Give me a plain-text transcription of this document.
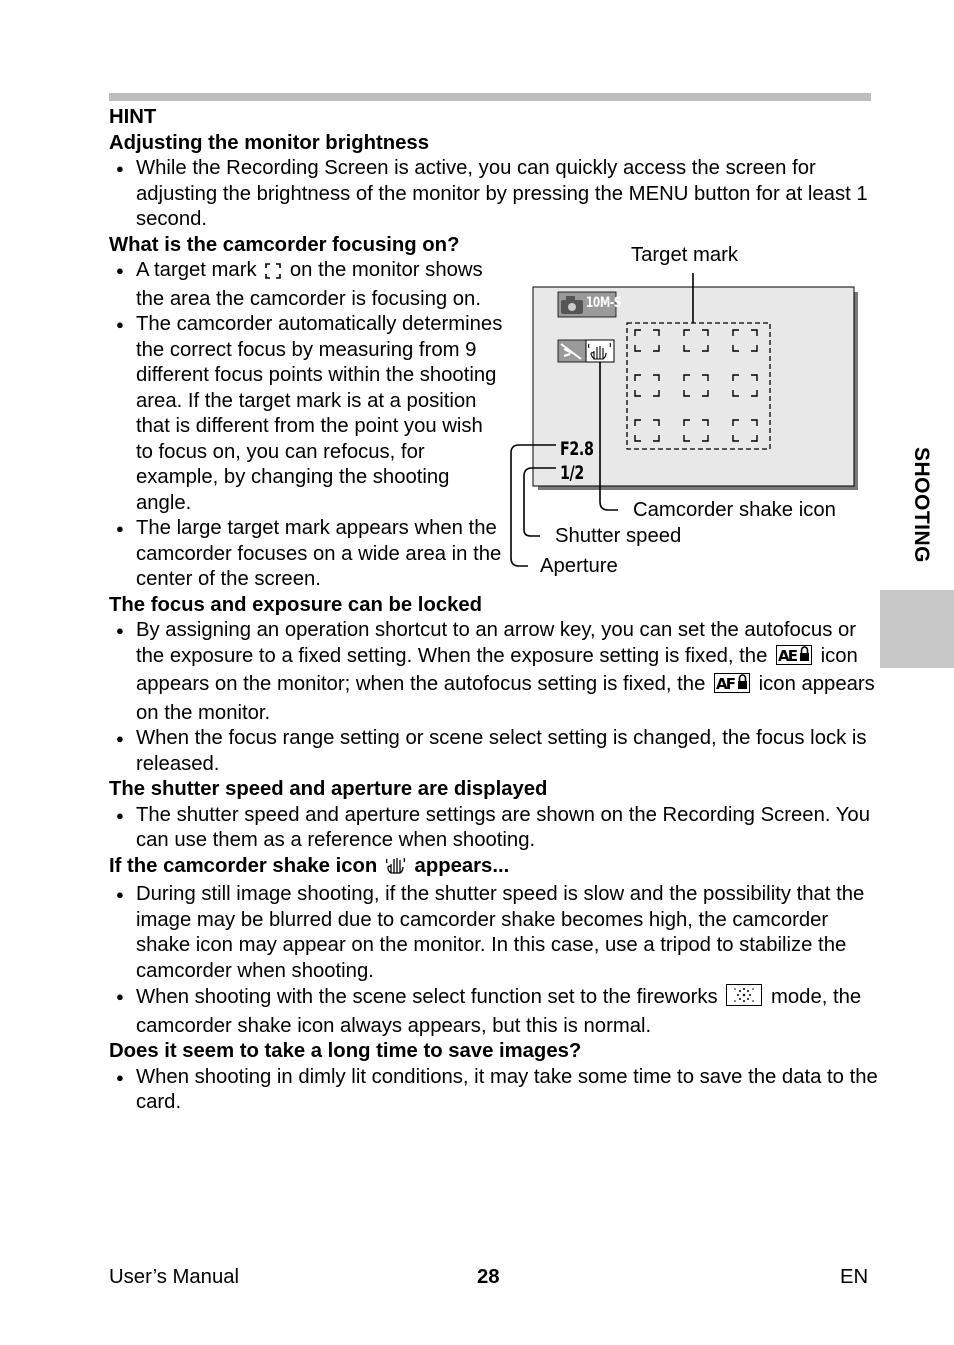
HINT

Adjusting the monitor brightness

● While the Recording Screen is active, you can quickly access the screen for adjusting the brightness of the monitor by pressing the MENU button for at least 1 second.

What is the camcorder focusing on?

● A target mark on the monitor shows the area the camcorder is focusing on.
● The camcorder automatically determines the correct focus by measuring from 9 different focus points within the shooting area. If the target mark is at a position that is different from the point you wish to focus on, you can refocus, for example, by changing the shooting angle.
● The large target mark appears when the camcorder focuses on a wide area in the center of the screen.

The focus and exposure can be locked

● By assigning an operation shortcut to an arrow key, you can set the autofocus or the exposure to a fixed setting. When the exposure setting is fixed, the AE icon appears on the monitor; when the autofocus setting is fixed, the AF icon appears on the monitor.
● When the focus range setting or scene select setting is changed, the focus lock is released.

The shutter speed and aperture are displayed

● The shutter speed and aperture settings are shown on the Recording Screen. You can use them as a reference when shooting.

If the camcorder shake icon appears...

● During still image shooting, if the shutter speed is slow and the possibility that the image may be blurred due to camcorder shake becomes high, the camcorder shake icon may appear on the monitor. In this case, use a tripod to stabilize the camcorder when shooting.
● When shooting with the scene select function set to the fireworks	mode, the camcorder shake icon always appears, but this is normal.

Does it seem to take a long time to save images?

● When shooting in dimly lit conditions, it may take some time to save the data to the card.
F2.8
1/2
10M-S
Target mark
Camcorder shake icon
Shutter speed
Aperture
SHOOTING
User’s Manual	28	EN
